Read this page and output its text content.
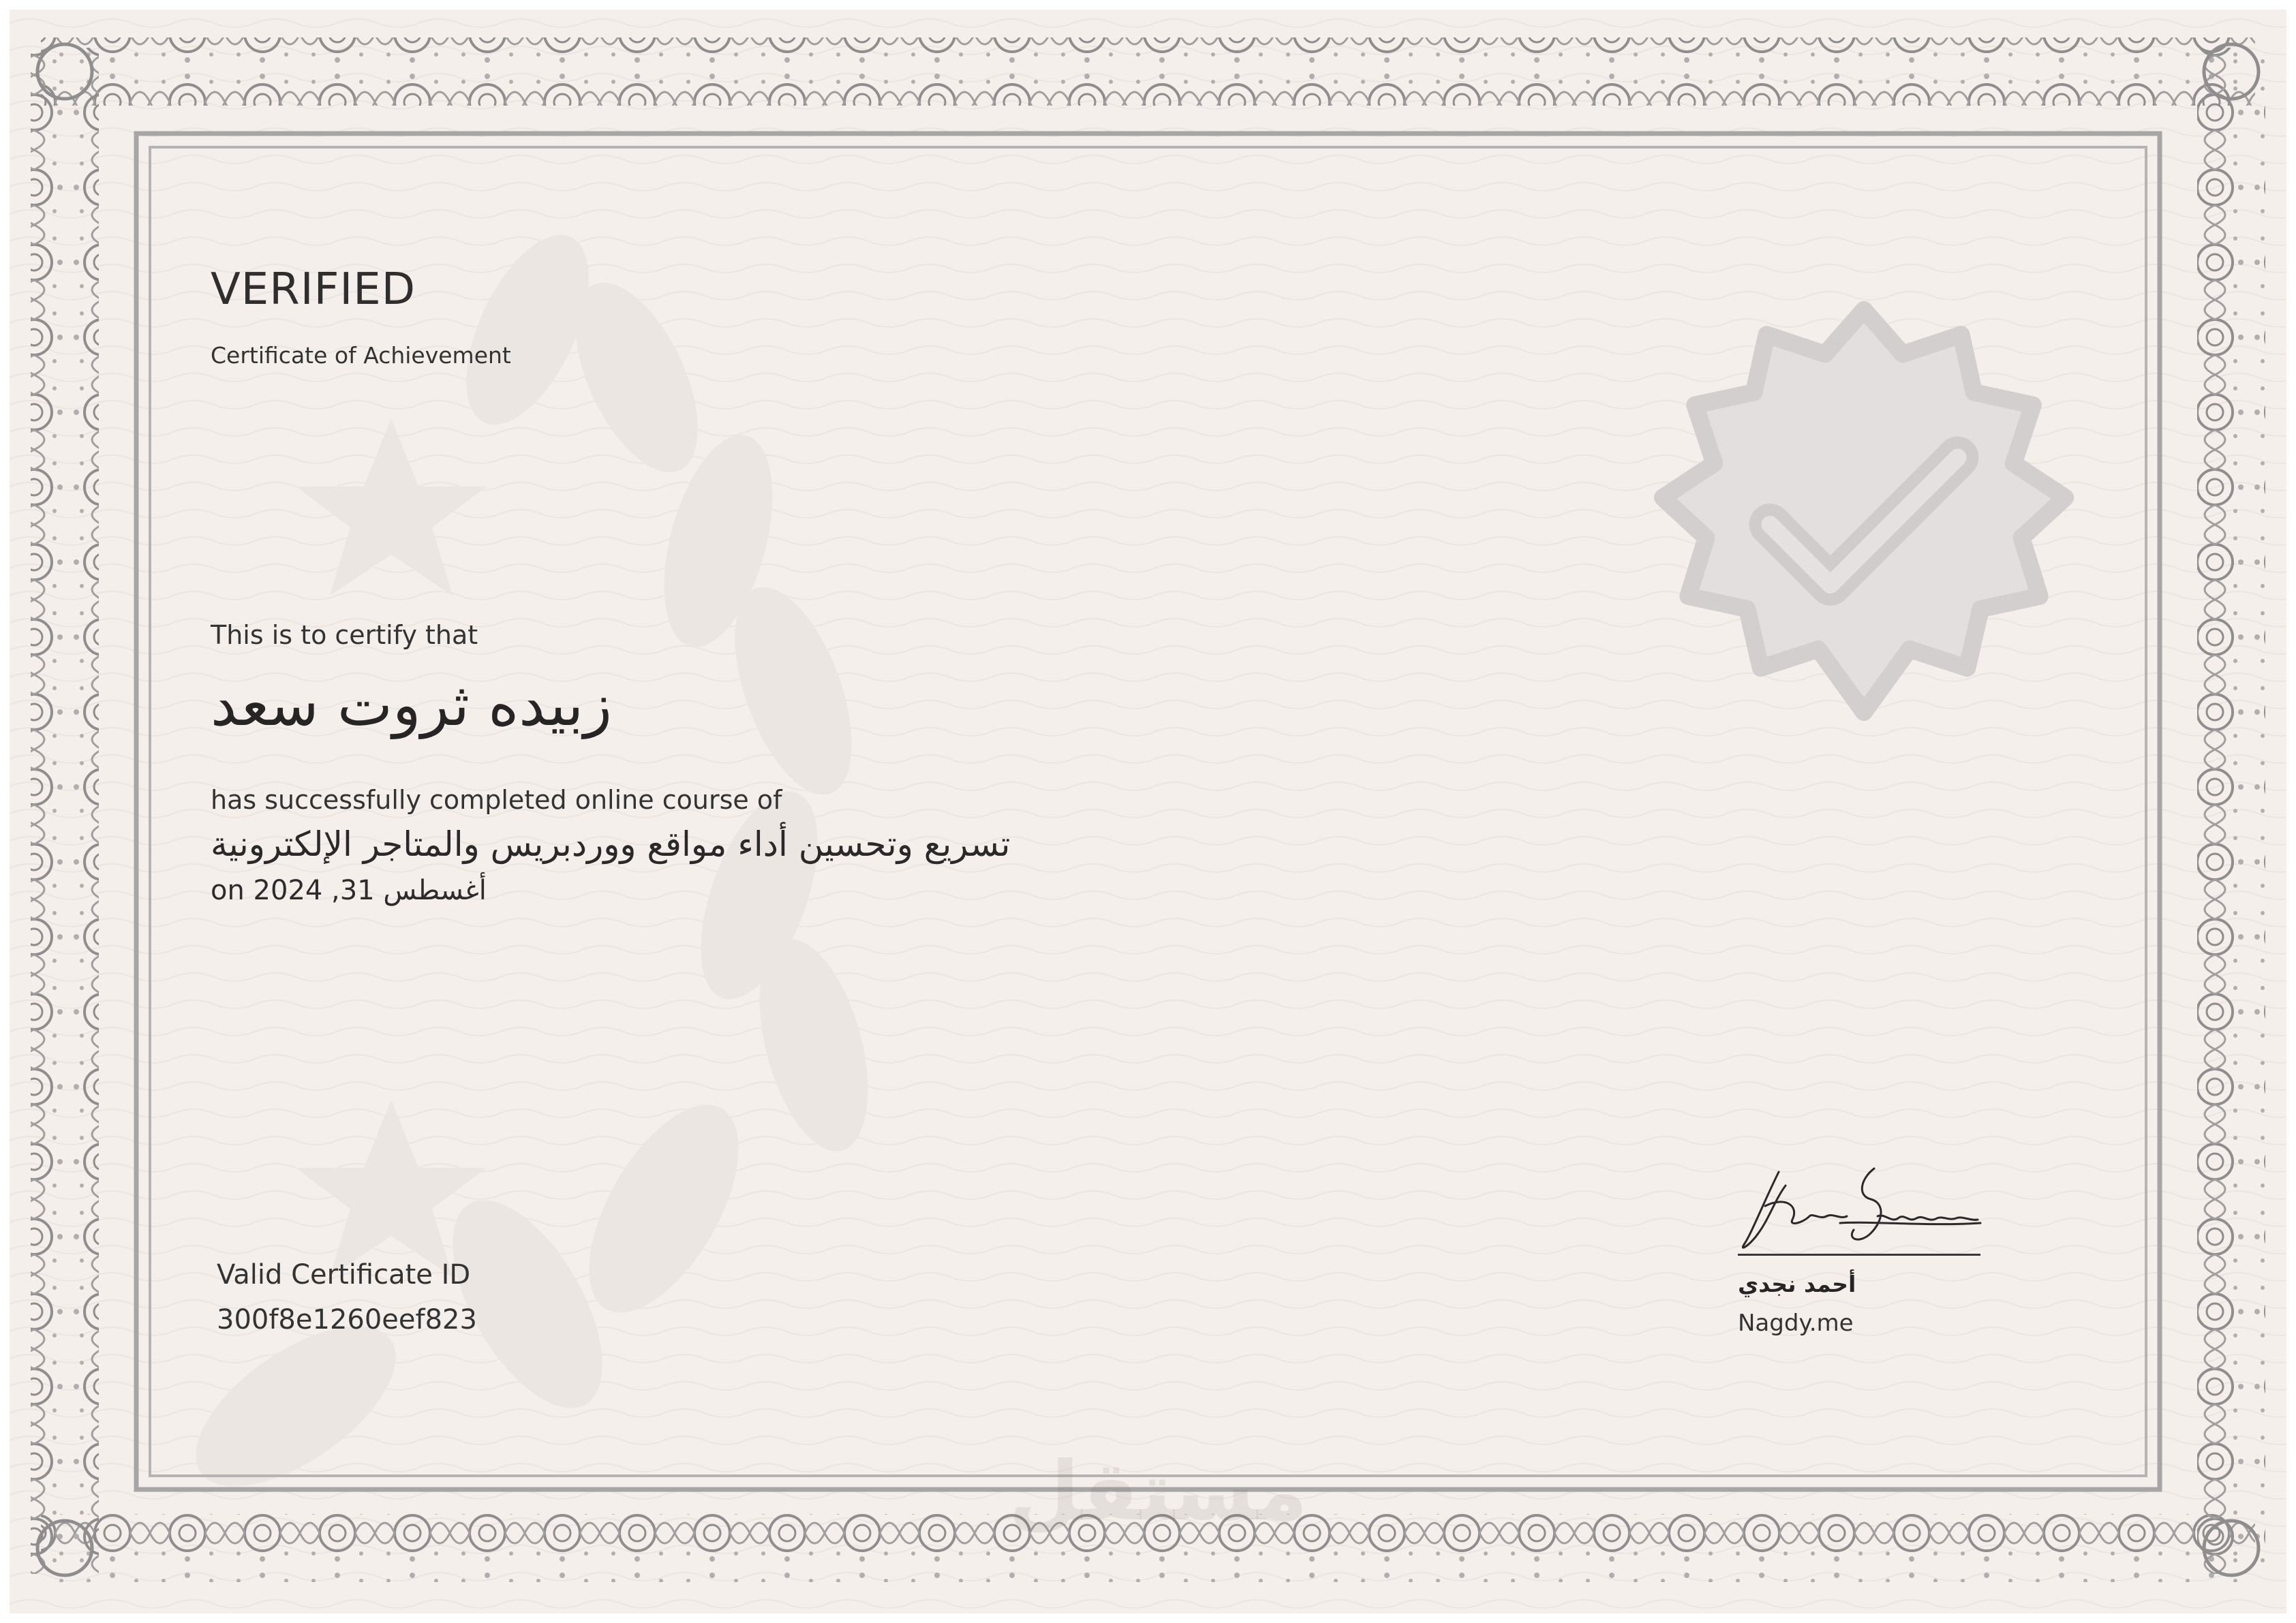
VERIFIED
Certificate of Achievement
This is to certify that
زبيده ثروت سعد
has successfully completed online course of
تسريع وتحسين أداء مواقع ووردبريس والمتاجر الإلكترونية
on 2024 ,31 أغسطس
Valid Certificate ID
300f8e1260eef823
أحمد نجدي
Nagdy.me
مستقل
